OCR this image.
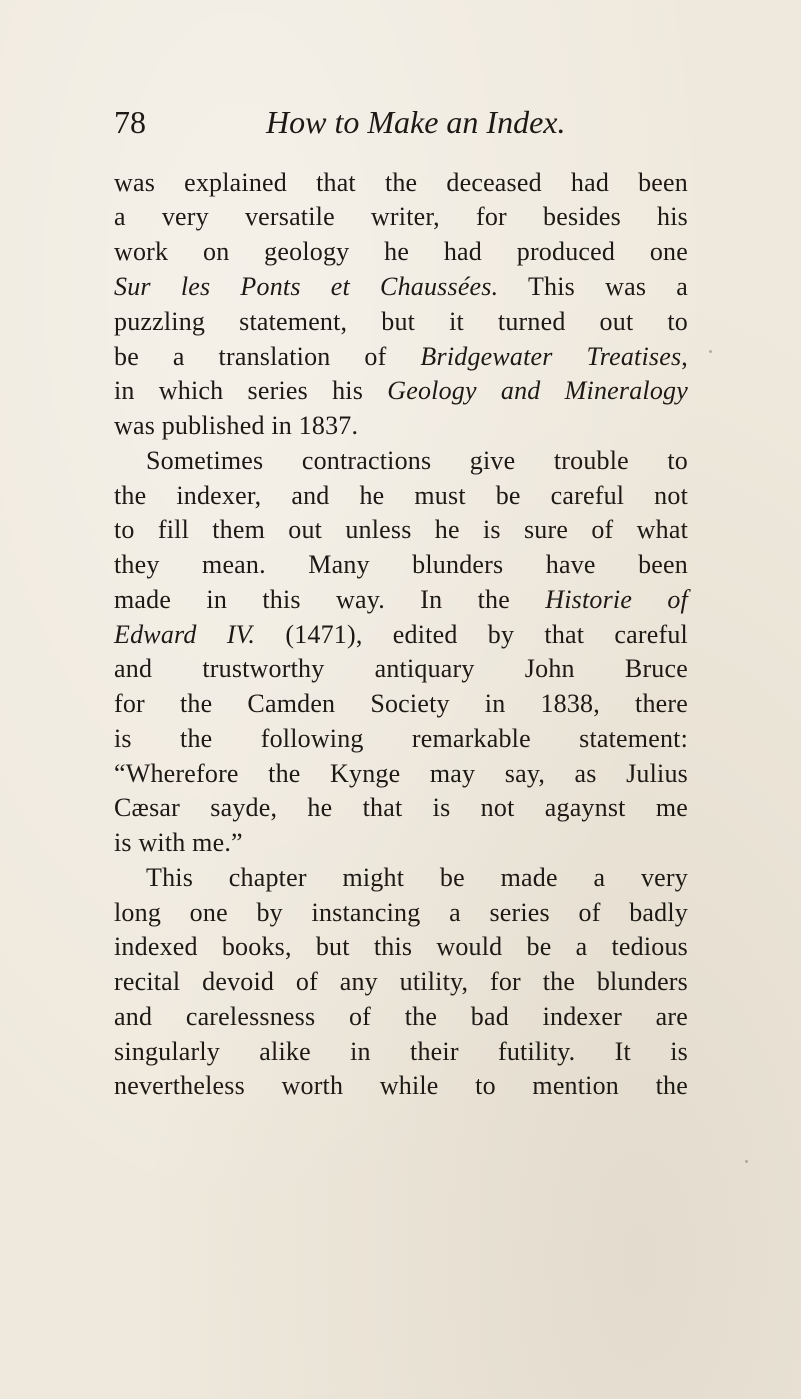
78	How to Make an Index.
was explained that the deceased had been
a very versatile writer, for besides his
work on geology he had produced one
Sur les Ponts et Chaussées. This was a
puzzling statement, but it turned out to
be a translation of Bridgewater Treatises,
in which series his Geology and Mineralogy
was published in 1837.
Sometimes contractions give trouble to
the indexer, and he must be careful not
to fill them out unless he is sure of what
they mean. Many blunders have been
made in this way. In the Historie of
Edward IV. (1471), edited by that careful
and trustworthy antiquary John Bruce
for the Camden Society in 1838, there
is the following remarkable statement:
“Wherefore the Kynge may say, as Julius
Cæsar sayde, he that is not agaynst me
is with me.”
This chapter might be made a very
long one by instancing a series of badly
indexed books, but this would be a tedious
recital devoid of any utility, for the blunders
and carelessness of the bad indexer are
singularly alike in their futility. It is
nevertheless worth while to mention the
